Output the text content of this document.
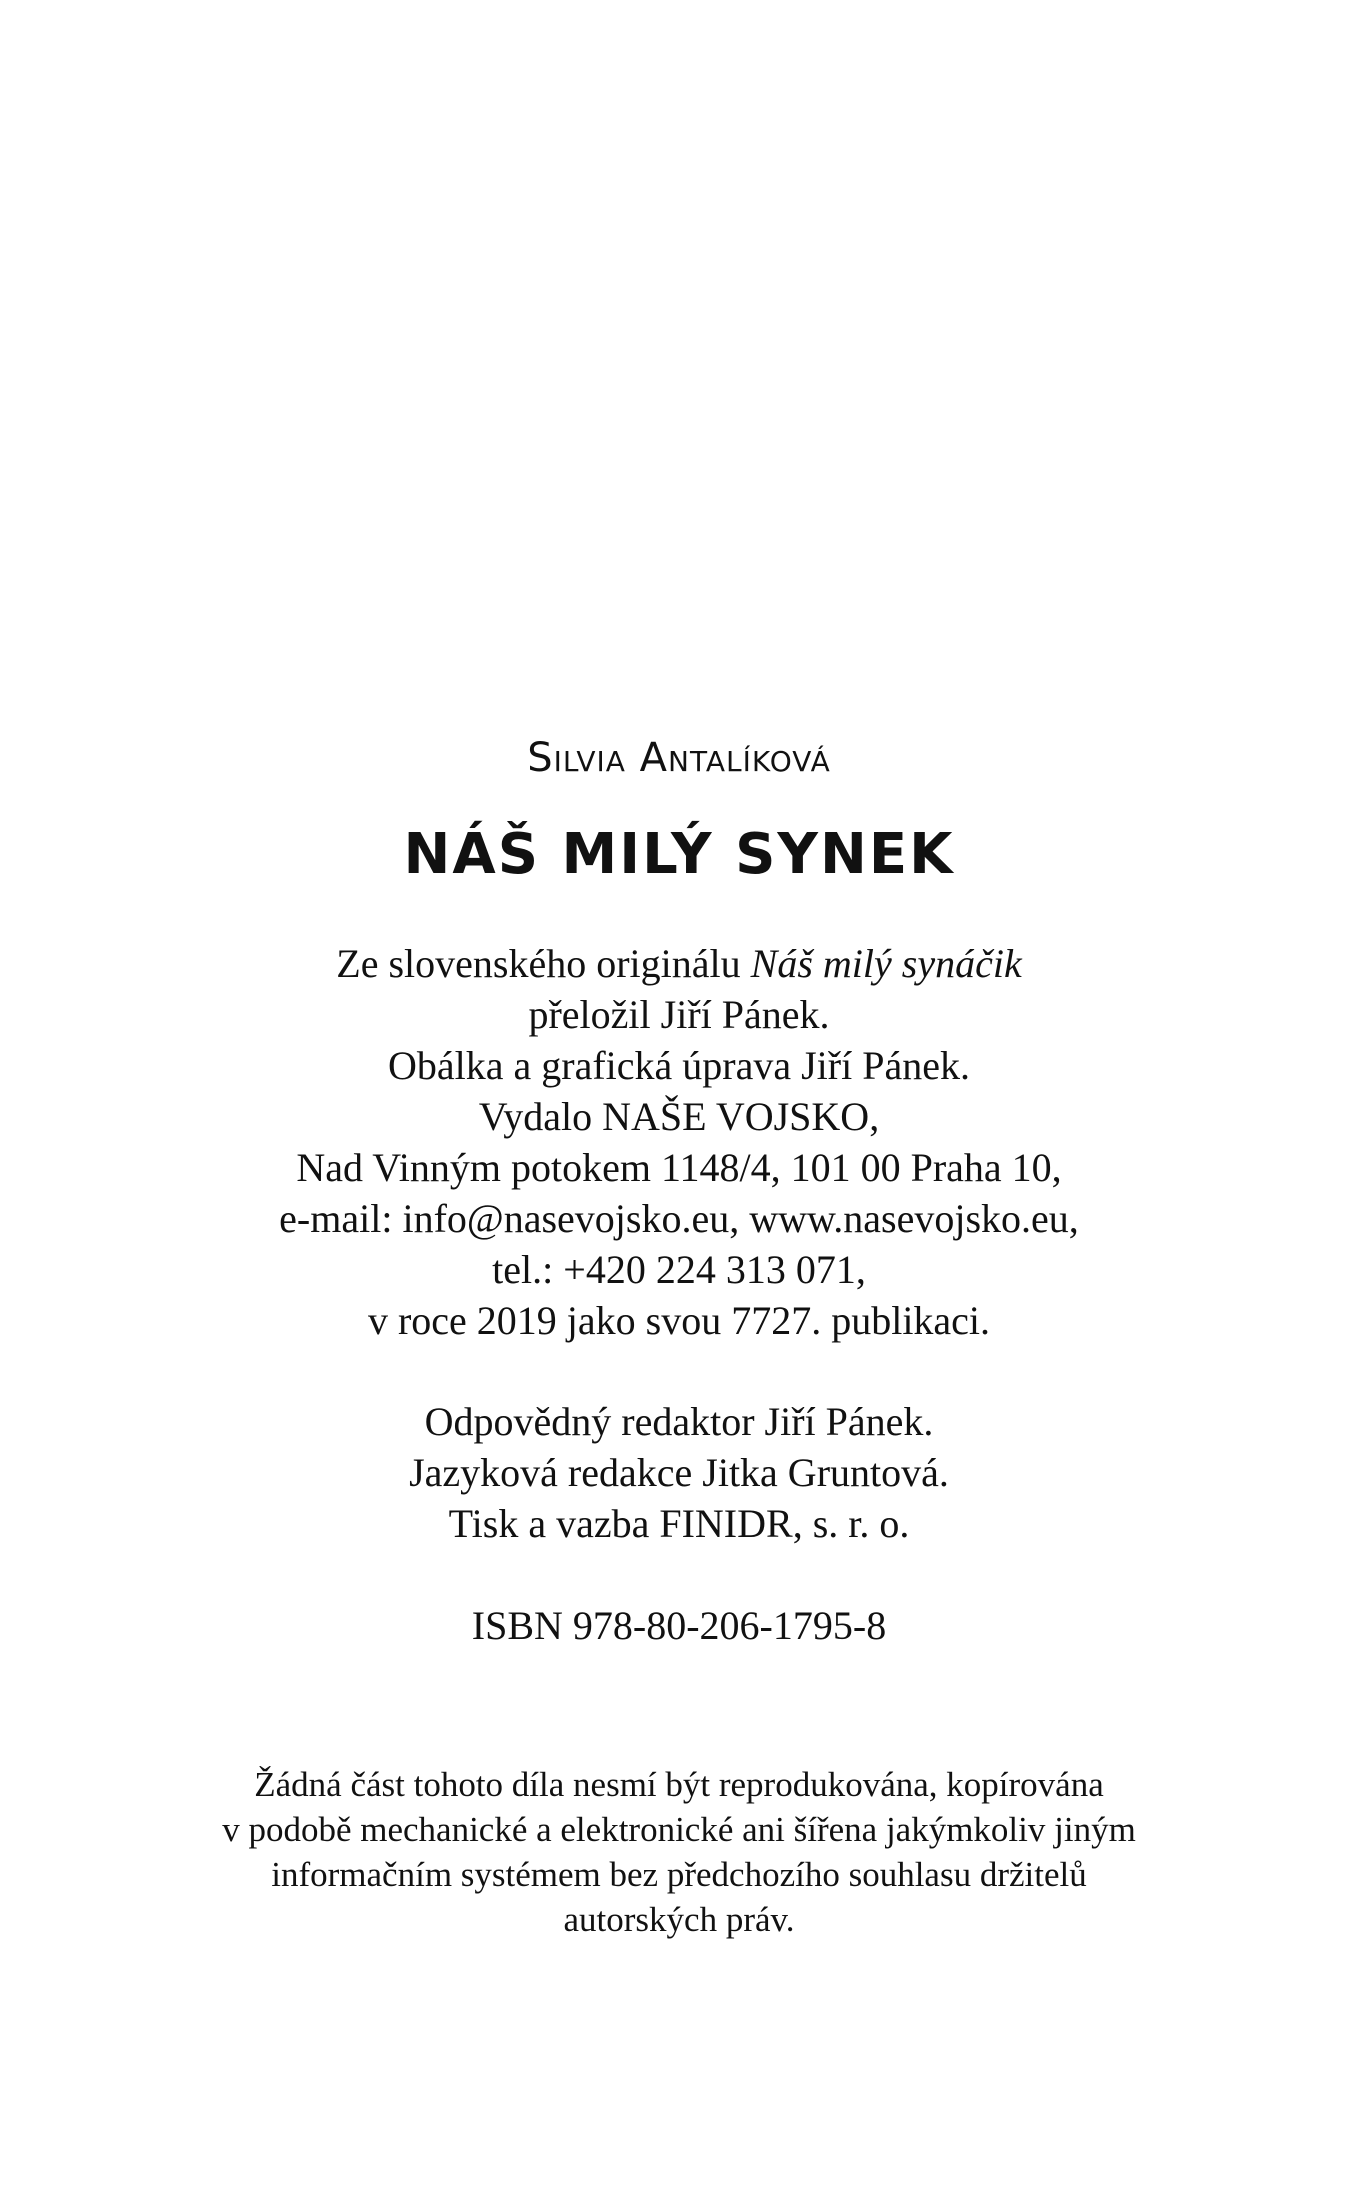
Silvia Antalíková
NÁŠ MILÝ SYNEK
Ze slovenského originálu Náš milý synáčik
přeložil Jiří Pánek.
Obálka a grafická úprava Jiří Pánek.
Vydalo NAŠE VOJSKO,
Nad Vinným potokem 1148/4, 101 00 Praha 10,
e-mail: info@nasevojsko.eu, www.nasevojsko.eu,
tel.: +420 224 313 071,
v roce 2019 jako svou 7727. publikaci.
Odpovědný redaktor Jiří Pánek.
Jazyková redakce Jitka Gruntová.
Tisk a vazba FINIDR, s. r. o.
ISBN 978-80-206-1795-8
Žádná část tohoto díla nesmí být reprodukována, kopírována
v podobě mechanické a elektronické ani šířena jakýmkoliv jiným
informačním systémem bez předchozího souhlasu držitelů
autorských práv.
